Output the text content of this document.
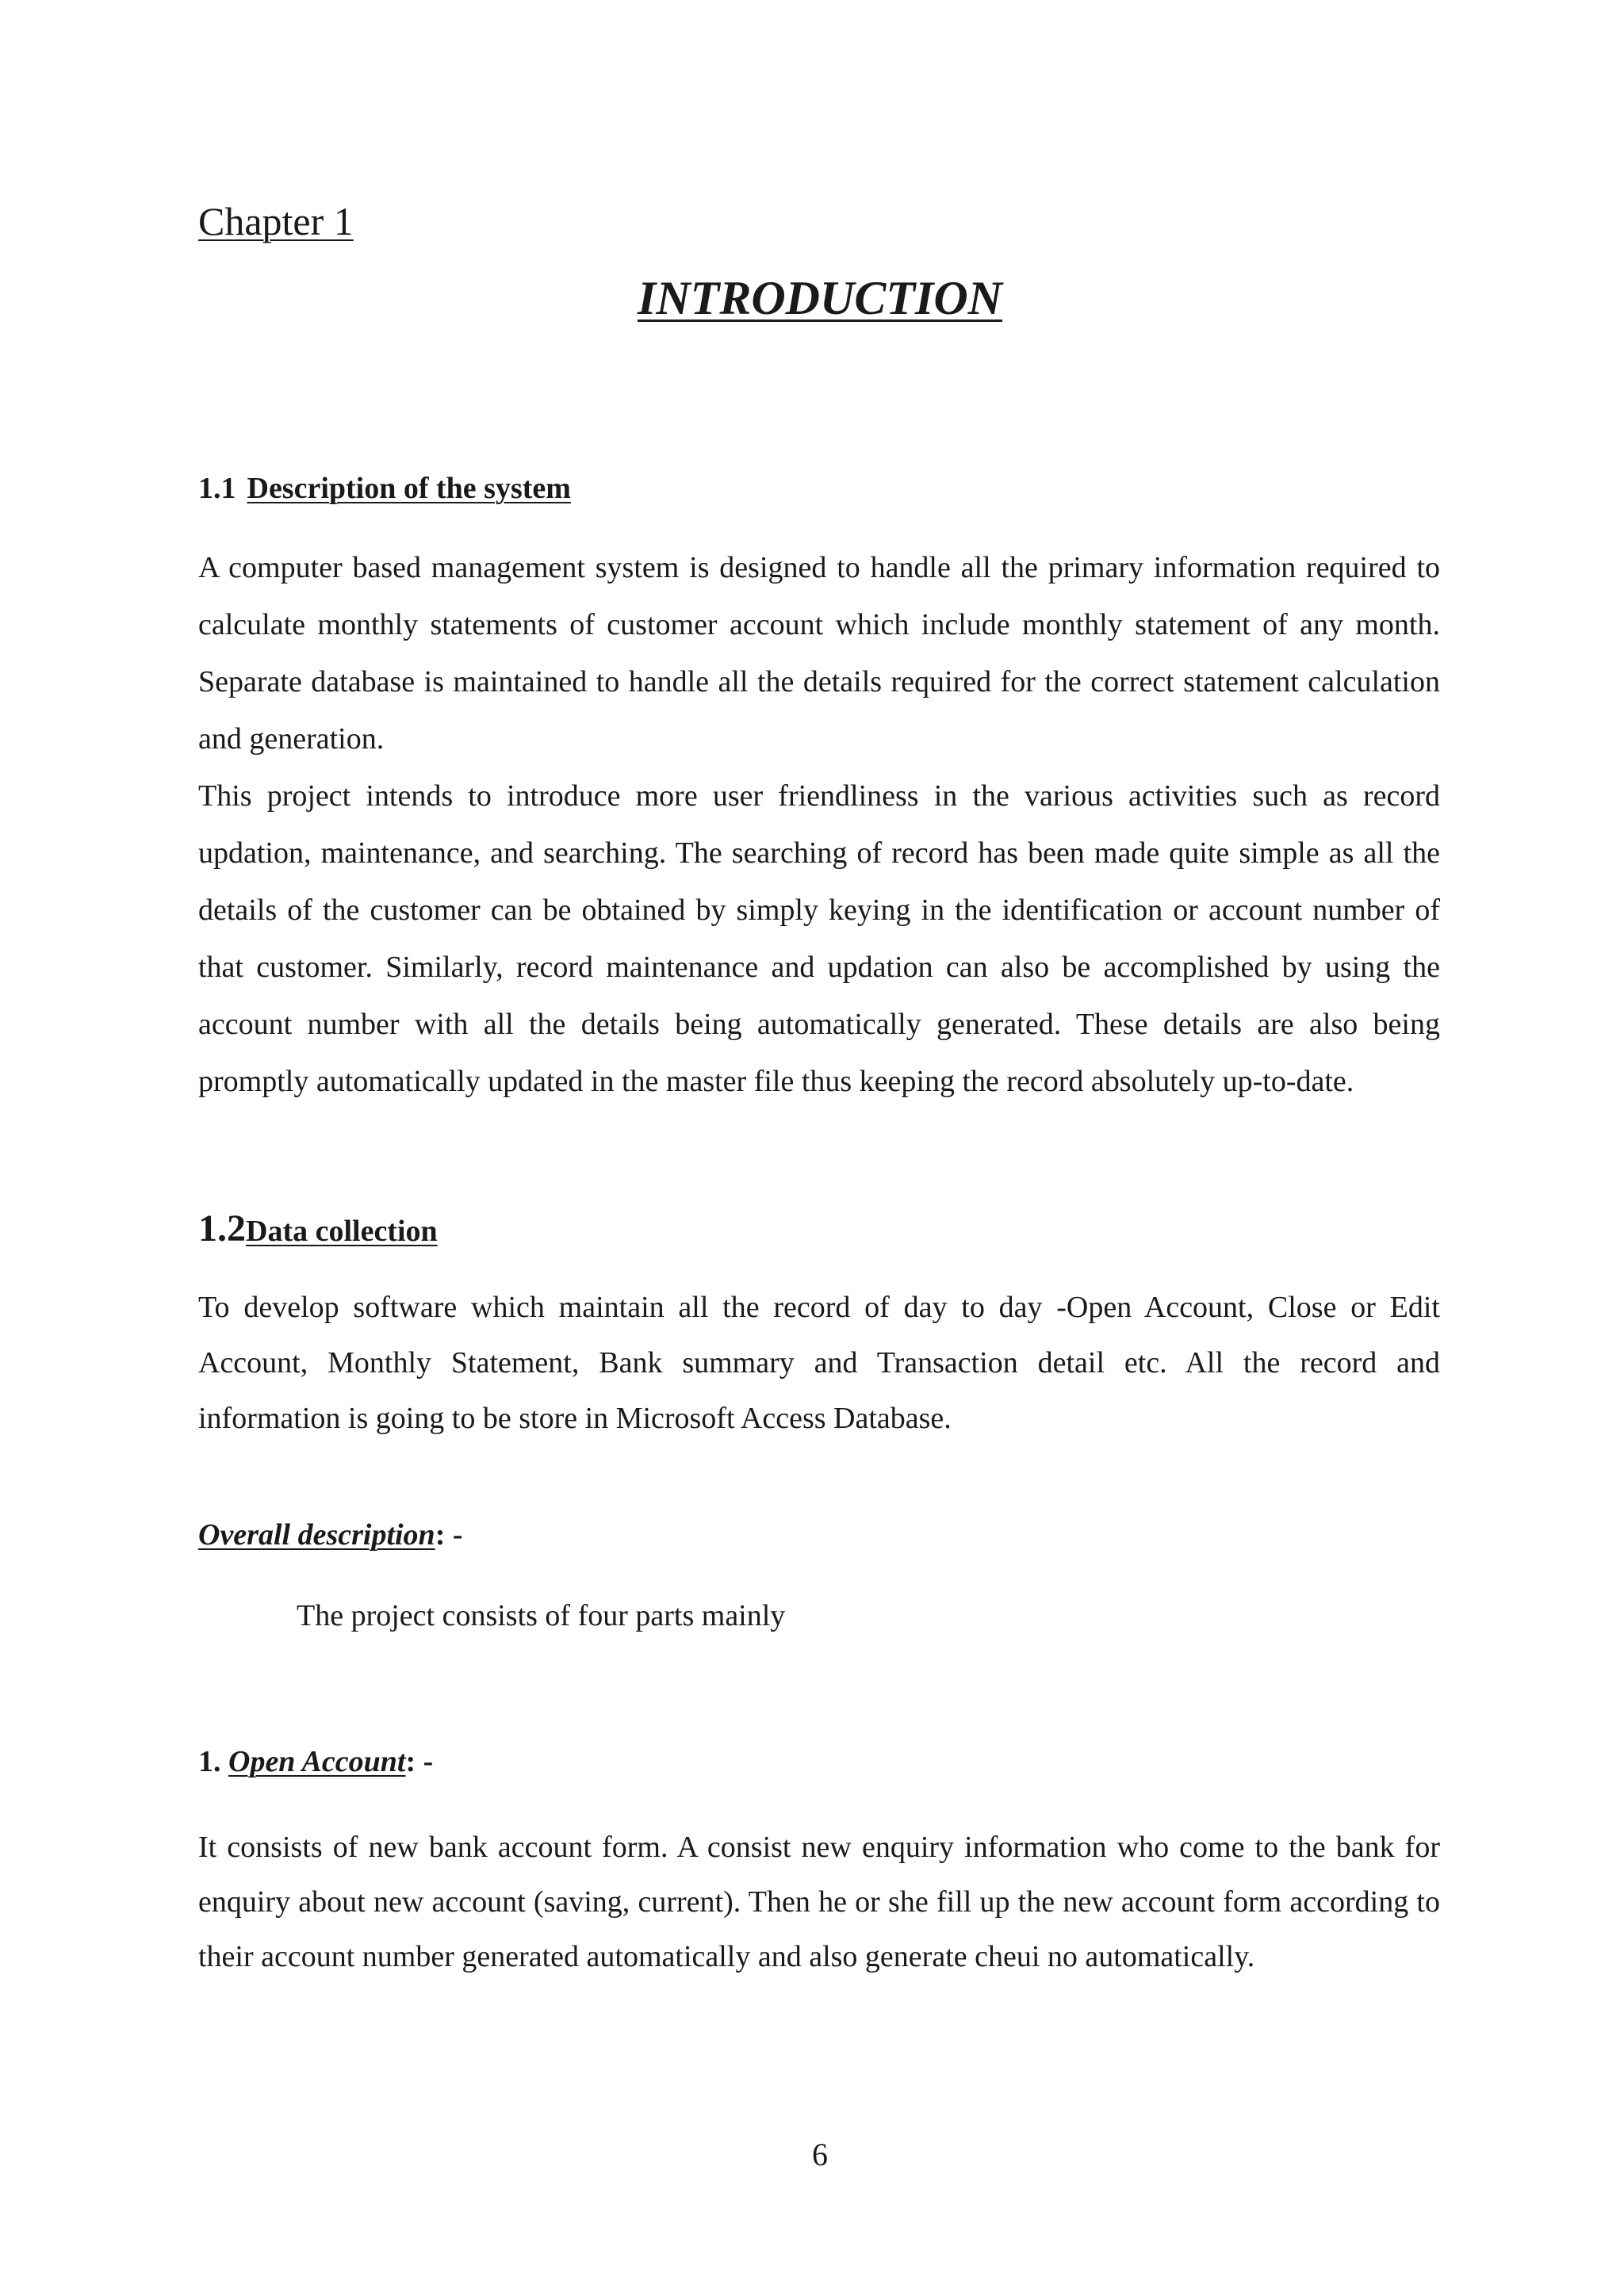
Chapter 1
INTRODUCTION
1.1 Description of the system

A computer based management system is designed to handle all the primary information required to calculate monthly statements of customer account which include monthly statement of any month. Separate database is maintained to handle all the details required for the correct statement calculation and generation.

This project intends to introduce more user friendliness in the various activities such as record updation, maintenance, and searching. The searching of record has been made quite simple as all the details of the customer can be obtained by simply keying in the identification or account number of that customer. Similarly, record maintenance and updation can also be accomplished by using the account number with all the details being automatically generated. These details are also being promptly automatically updated in the master file thus keeping the record absolutely up-to-date.

1.2Data collection

To develop software which maintain all the record of day to day -Open Account, Close or Edit Account, Monthly Statement, Bank summary and Transaction detail etc. All the record and information is going to be store in Microsoft Access Database.

Overall description: -

The project consists of four parts mainly

1. Open Account: -

It consists of new bank account form. A consist new enquiry information who come to the bank for enquiry about new account (saving, current). Then he or she fill up the new account form according to their account number generated automatically and also generate cheui no automatically.

6
